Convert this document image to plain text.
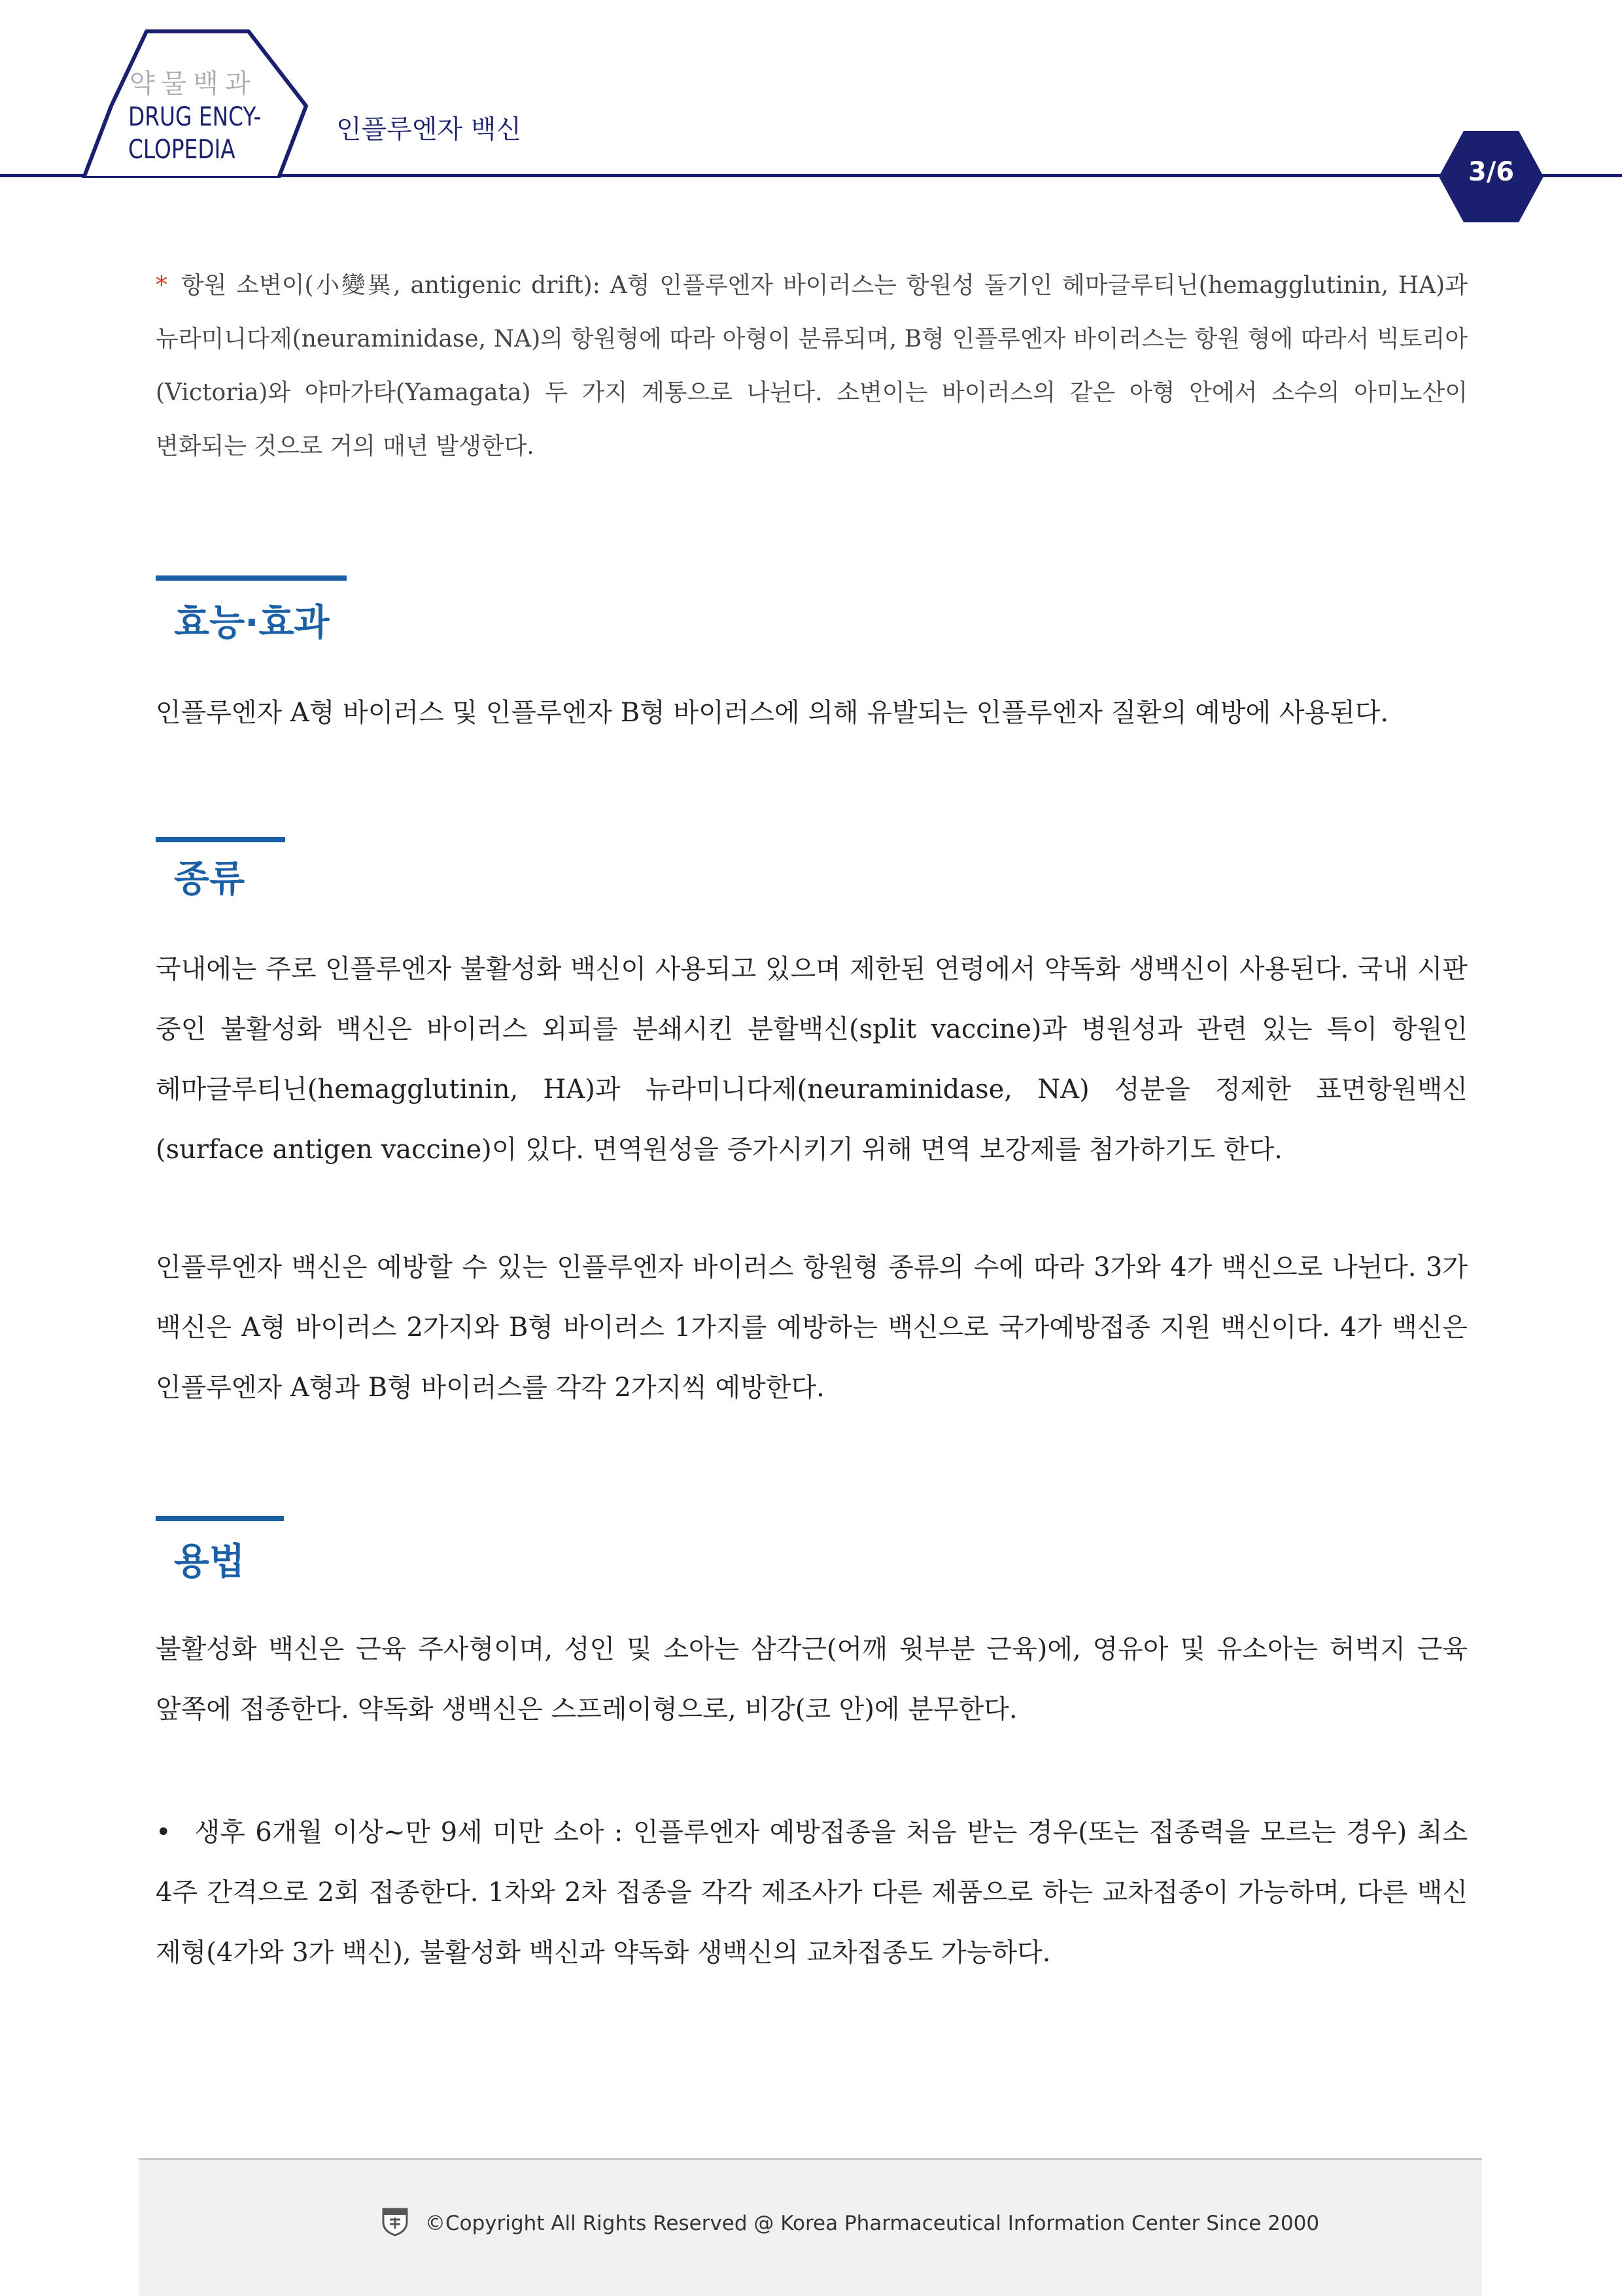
약물백과
DRUG ENCY-
CLOPEDIA
인플루엔자 백신
3/6
* 항원 소변이(小變異, antigenic drift): A형 인플루엔자 바이러스는 항원성 돌기인 헤마글루티닌(hemagglutinin, HA)과 뉴라미니다제(neuraminidase, NA)의 항원형에 따라 아형이 분류되며, B형 인플루엔자 바이러스는 항원 형에 따라서 빅토리아(Victoria)와 야마가타(Yamagata) 두 가지 계통으로 나뉜다. 소변이는 바이러스의 같은 아형 안에서 소수의 아미노산이 변화되는 것으로 거의 매년 발생한다.
효능·효과
인플루엔자 A형 바이러스 및 인플루엔자 B형 바이러스에 의해 유발되는 인플루엔자 질환의 예방에 사용된다.
종류
국내에는 주로 인플루엔자 불활성화 백신이 사용되고 있으며 제한된 연령에서 약독화 생백신이 사용된다. 국내 시판 중인 불활성화 백신은 바이러스 외피를 분쇄시킨 분할백신(split vaccine)과 병원성과 관련 있는 특이 항원인 헤마글루티닌(hemagglutinin, HA)과 뉴라미니다제(neuraminidase, NA) 성분을 정제한 표면항원백신(surface antigen vaccine)이 있다. 면역원성을 증가시키기 위해 면역 보강제를 첨가하기도 한다.
인플루엔자 백신은 예방할 수 있는 인플루엔자 바이러스 항원형 종류의 수에 따라 3가와 4가 백신으로 나뉜다. 3가 백신은 A형 바이러스 2가지와 B형 바이러스 1가지를 예방하는 백신으로 국가예방접종 지원 백신이다. 4가 백신은 인플루엔자 A형과 B형 바이러스를 각각 2가지씩 예방한다.
용법
불활성화 백신은 근육 주사형이며, 성인 및 소아는 삼각근(어깨 윗부분 근육)에, 영유아 및 유소아는 허벅지 근육 앞쪽에 접종한다. 약독화 생백신은 스프레이형으로, 비강(코 안)에 분무한다.
• 생후 6개월 이상~만 9세 미만 소아 : 인플루엔자 예방접종을 처음 받는 경우(또는 접종력을 모르는 경우) 최소 4주 간격으로 2회 접종한다. 1차와 2차 접종을 각각 제조사가 다른 제품으로 하는 교차접종이 가능하며, 다른 백신 제형(4가와 3가 백신), 불활성화 백신과 약독화 생백신의 교차접종도 가능하다.
©Copyright All Rights Reserved @ Korea Pharmaceutical Information Center Since 2000
